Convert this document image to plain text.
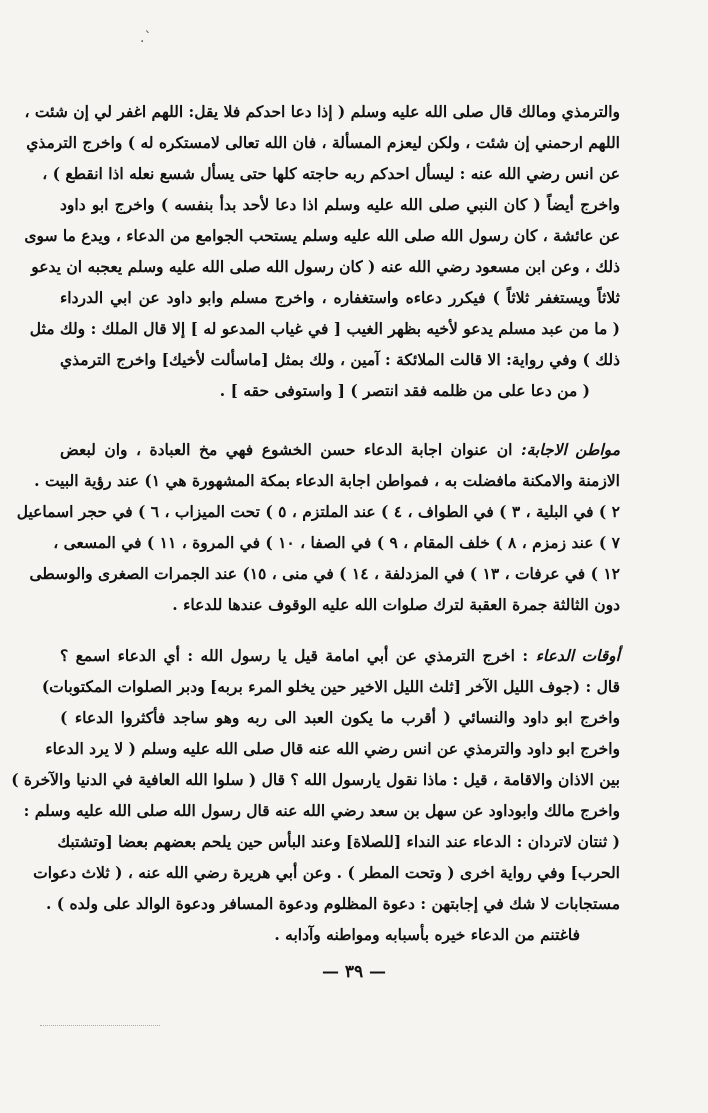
ˋ.
والترمذي ومالك قال صلى الله عليه وسلم ( إذا دعا احدكم فلا يقل: اللهم اغفر لي إن شئت ،
اللهم ارحمني إن شئت ، ولكن ليعزم المسألة ، فان الله تعالى لامستكره له ) واخرج الترمذي
عن انس رضي الله عنه : ليسأل احدكم ربه حاجته كلها حتى يسأل شسع نعله اذا انقطع ) ،
واخرج أيضاً ( كان النبي صلى الله عليه وسلم اذا دعا لأحد بدأ بنفسه ) واخرج ابو داود
عن عائشة ، كان رسول الله صلى الله عليه وسلم يستحب الجوامع من الدعاء ، ويدع ما سوى
ذلك ، وعن ابن مسعود رضي الله عنه ( كان رسول الله صلى الله عليه وسلم يعجبه ان يدعو
ثلاثاً ويستغفر ثلاثاً ) فيكرر دعاءه واستغفاره ، واخرج مسلم وابو داود عن ابي الدرداء
( ما من عبد مسلم يدعو لأخيه بظهر الغيب [ في غياب المدعو له ] إلا قال الملك : ولك مثل
ذلك ) وفي رواية: الا قالت الملائكة : آمين ، ولك بمثل [ماسألت لأخيك] واخرج الترمذي
( من دعا على من ظلمه فقد انتصر ) [ واستوفى حقه ] .
مواطن الاجابة: ان عنوان اجابة الدعاء حسن الخشوع فهي مخ العبادة ، وان لبعض
الازمنة والامكنة مافضلت به ، فمواطن اجابة الدعاء بمكة المشهورة هي ١) عند رؤية البيت .
٢ ) في البلية ، ٣ ) في الطواف ، ٤ ) عند الملتزم ، ٥ ) تحت الميزاب ، ٦ ) في حجر اسماعيل
٧ ) عند زمزم ، ٨ ) خلف المقام ، ٩ ) في الصفا ، ١٠ ) في المروة ، ١١ ) في المسعى ،
١٢ ) في عرفات ، ١٣ ) في المزدلفة ، ١٤ ) في منى ، ١٥) عند الجمرات الصغرى والوسطى
دون الثالثة جمرة العقبة لترك صلوات الله عليه الوقوف عندها للدعاء .
أوقات الدعاء : اخرج الترمذي عن أبي امامة قيل يا رسول الله : أي الدعاء اسمع ؟
قال : (جوف الليل الآخر [ثلث الليل الاخير حين يخلو المرء بربه] ودبر الصلوات المكتوبات)
واخرج ابو داود والنسائي ( أقرب ما يكون العبد الى ربه وهو ساجد فأكثروا الدعاء )
واخرج ابو داود والترمذي عن انس رضي الله عنه قال صلى الله عليه وسلم ( لا يرد الدعاء
بين الاذان والاقامة ، قيل : ماذا نقول يارسول الله ؟ قال ( سلوا الله العافية في الدنيا والآخرة )
واخرج مالك وابوداود عن سهل بن سعد رضي الله عنه قال رسول الله صلى الله عليه وسلم :
( ثنتان لاتردان : الدعاء عند النداء [للصلاة] وعند البأس حين يلحم بعضهم بعضا [وتشتبك
الحرب] وفي رواية اخرى ( وتحت المطر ) . وعن أبي هريرة رضي الله عنه ، ( ثلاث دعوات
مستجابات لا شك في إجابتهن : دعوة المظلوم ودعوة المسافر ودعوة الوالد على ولده ) .
فاغتنم من الدعاء خيره بأسبابه ومواطنه وآدابه .
— ٣٩ —
